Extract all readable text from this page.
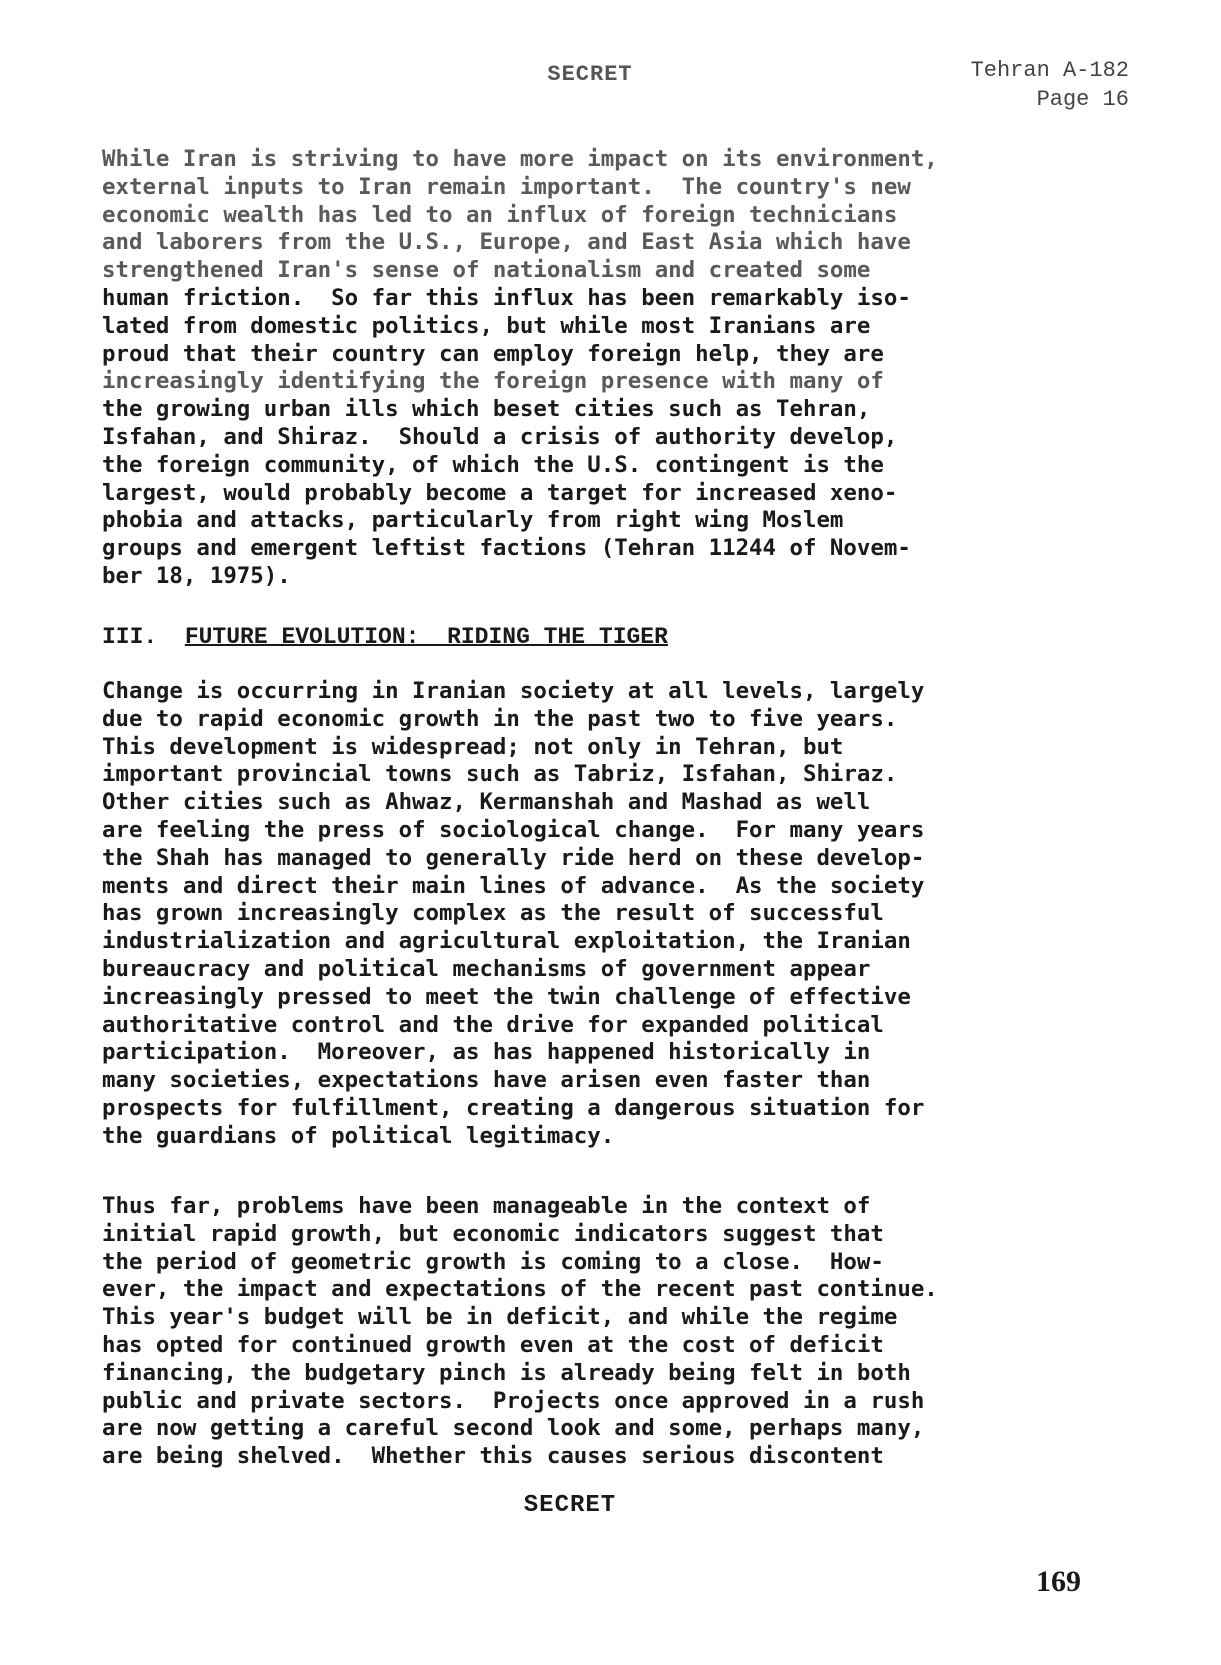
SECRET	Tehran A-182
Page 16
While Iran is striving to have more impact on its environment,
external inputs to Iran remain important.  The country's new
economic wealth has led to an influx of foreign technicians
and laborers from the U.S., Europe, and East Asia which have
strengthened Iran's sense of nationalism and created some
human friction.  So far this influx has been remarkably iso-
lated from domestic politics, but while most Iranians are
proud that their country can employ foreign help, they are
increasingly identifying the foreign presence with many of
the growing urban ills which beset cities such as Tehran,
Isfahan, and Shiraz.  Should a crisis of authority develop,
the foreign community, of which the U.S. contingent is the
largest, would probably become a target for increased xeno-
phobia and attacks, particularly from right wing Moslem
groups and emergent leftist factions (Tehran 11244 of Novem-
ber 18, 1975).
III. FUTURE EVOLUTION:  RIDING THE TIGER
Change is occurring in Iranian society at all levels, largely
due to rapid economic growth in the past two to five years.
This development is widespread; not only in Tehran, but
important provincial towns such as Tabriz, Isfahan, Shiraz.
Other cities such as Ahwaz, Kermanshah and Mashad as well
are feeling the press of sociological change.  For many years
the Shah has managed to generally ride herd on these develop-
ments and direct their main lines of advance.  As the society
has grown increasingly complex as the result of successful
industrialization and agricultural exploitation, the Iranian
bureaucracy and political mechanisms of government appear
increasingly pressed to meet the twin challenge of effective
authoritative control and the drive for expanded political
participation.  Moreover, as has happened historically in
many societies, expectations have arisen even faster than
prospects for fulfillment, creating a dangerous situation for
the guardians of political legitimacy.
Thus far, problems have been manageable in the context of
initial rapid growth, but economic indicators suggest that
the period of geometric growth is coming to a close.  How-
ever, the impact and expectations of the recent past continue.
This year's budget will be in deficit, and while the regime
has opted for continued growth even at the cost of deficit
financing, the budgetary pinch is already being felt in both
public and private sectors.  Projects once approved in a rush
are now getting a careful second look and some, perhaps many,
are being shelved.  Whether this causes serious discontent
SECRET
169
